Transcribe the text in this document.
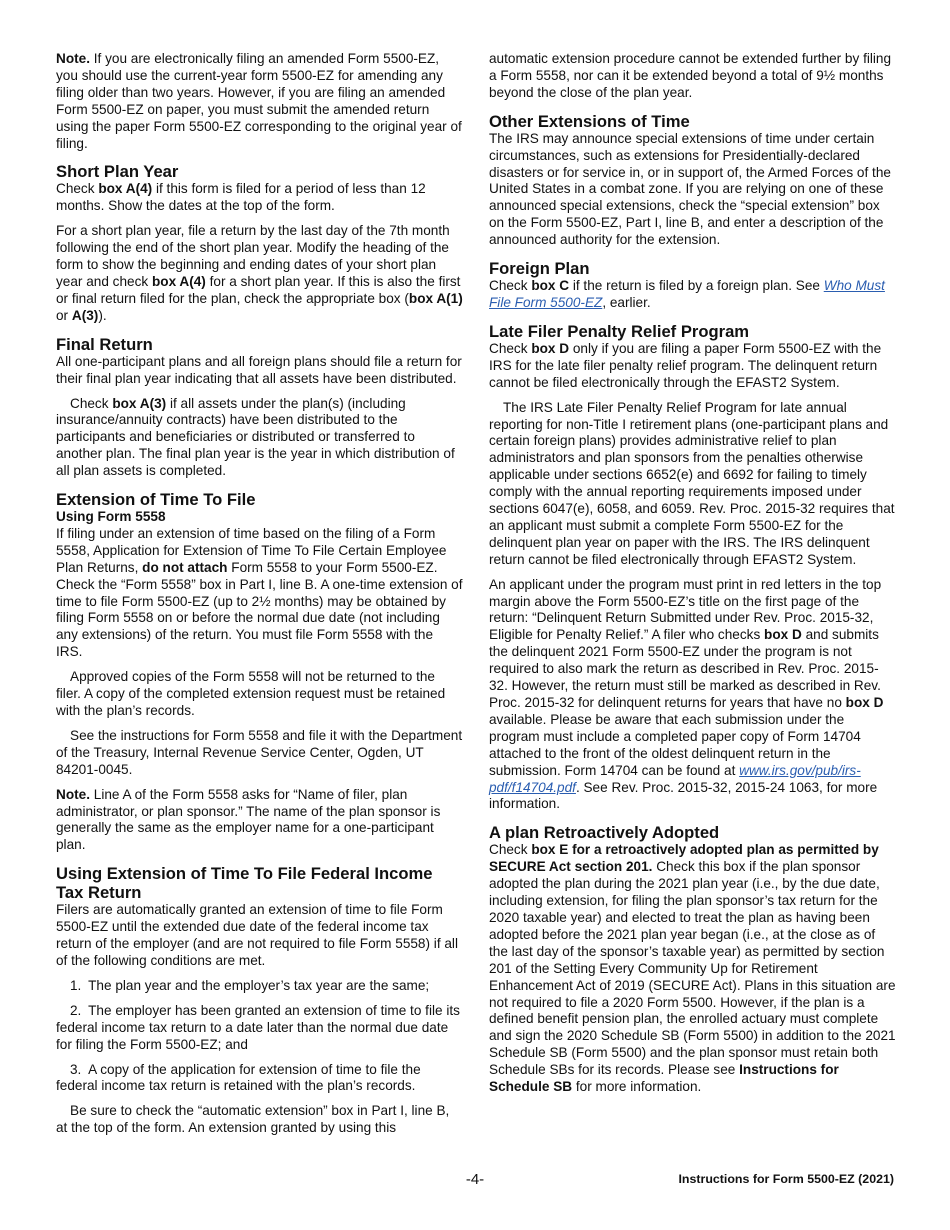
Note. If you are electronically filing an amended Form 5500-EZ, you should use the current-year form 5500-EZ for amending any filing older than two years. However, if you are filing an amended Form 5500-EZ on paper, you must submit the amended return using the paper Form 5500-EZ corresponding to the original year of filing.

Short Plan Year

Check box A(4) if this form is filed for a period of less than 12 months. Show the dates at the top of the form.

For a short plan year, file a return by the last day of the 7th month following the end of the short plan year. Modify the heading of the form to show the beginning and ending dates of your short plan year and check box A(4) for a short plan year. If this is also the first or final return filed for the plan, check the appropriate box (box A(1) or A(3)).

Final Return

All one-participant plans and all foreign plans should file a return for their final plan year indicating that all assets have been distributed.

Check box A(3) if all assets under the plan(s) (including insurance/annuity contracts) have been distributed to the participants and beneficiaries or distributed or transferred to another plan. The final plan year is the year in which distribution of all plan assets is completed.

Extension of Time To File
Using Form 5558

If filing under an extension of time based on the filing of a Form 5558, Application for Extension of Time To File Certain Employee Plan Returns, do not attach Form 5558 to your Form 5500-EZ. Check the “Form 5558” box in Part I, line B. A one-time extension of time to file Form 5500-EZ (up to 2½ months) may be obtained by filing Form 5558 on or before the normal due date (not including any extensions) of the return. You must file Form 5558 with the IRS.

Approved copies of the Form 5558 will not be returned to the filer. A copy of the completed extension request must be retained with the plan’s records.

See the instructions for Form 5558 and file it with the Department of the Treasury, Internal Revenue Service Center, Ogden, UT 84201-0045.

Note. Line A of the Form 5558 asks for “Name of filer, plan administrator, or plan sponsor.” The name of the plan sponsor is generally the same as the employer name for a one-participant plan.

Using Extension of Time To File Federal Income Tax Return

Filers are automatically granted an extension of time to file Form 5500-EZ until the extended due date of the federal income tax return of the employer (and are not required to file Form 5558) if all of the following conditions are met.

1. The plan year and the employer’s tax year are the same;

2. The employer has been granted an extension of time to file its federal income tax return to a date later than the normal due date for filing the Form 5500-EZ; and

3. A copy of the application for extension of time to file the federal income tax return is retained with the plan’s records.

Be sure to check the “automatic extension” box in Part I, line B, at the top of the form. An extension granted by using this

automatic extension procedure cannot be extended further by filing a Form 5558, nor can it be extended beyond a total of 9½ months beyond the close of the plan year.

Other Extensions of Time

The IRS may announce special extensions of time under certain circumstances, such as extensions for Presidentially-declared disasters or for service in, or in support of, the Armed Forces of the United States in a combat zone. If you are relying on one of these announced special extensions, check the “special extension” box on the Form 5500-EZ, Part I, line B, and enter a description of the announced authority for the extension.

Foreign Plan

Check box C if the return is filed by a foreign plan. See Who Must File Form 5500-EZ, earlier.

Late Filer Penalty Relief Program

Check box D only if you are filing a paper Form 5500-EZ with the IRS for the late filer penalty relief program. The delinquent return cannot be filed electronically through the EFAST2 System.

The IRS Late Filer Penalty Relief Program for late annual reporting for non-Title I retirement plans (one-participant plans and certain foreign plans) provides administrative relief to plan administrators and plan sponsors from the penalties otherwise applicable under sections 6652(e) and 6692 for failing to timely comply with the annual reporting requirements imposed under sections 6047(e), 6058, and 6059. Rev. Proc. 2015-32 requires that an applicant must submit a complete Form 5500-EZ for the delinquent plan year on paper with the IRS. The IRS delinquent return cannot be filed electronically through EFAST2 System.

An applicant under the program must print in red letters in the top margin above the Form 5500-EZ’s title on the first page of the return: “Delinquent Return Submitted under Rev. Proc. 2015-32, Eligible for Penalty Relief.” A filer who checks box D and submits the delinquent 2021 Form 5500-EZ under the program is not required to also mark the return as described in Rev. Proc. 2015-32. However, the return must still be marked as described in Rev. Proc. 2015-32 for delinquent returns for years that have no box D available. Please be aware that each submission under the program must include a completed paper copy of Form 14704 attached to the front of the oldest delinquent return in the submission. Form 14704 can be found at www.irs.gov/pub/irs-pdf/f14704.pdf. See Rev. Proc. 2015-32, 2015-24 1063, for more information.

A plan Retroactively Adopted

Check box E for a retroactively adopted plan as permitted by SECURE Act section 201. Check this box if the plan sponsor adopted the plan during the 2021 plan year (i.e., by the due date, including extension, for filing the plan sponsor’s tax return for the 2020 taxable year) and elected to treat the plan as having been adopted before the 2021 plan year began (i.e., at the close as of the last day of the sponsor’s taxable year) as permitted by section 201 of the Setting Every Community Up for Retirement Enhancement Act of 2019 (SECURE Act). Plans in this situation are not required to file a 2020 Form 5500. However, if the plan is a defined benefit pension plan, the enrolled actuary must complete and sign the 2020 Schedule SB (Form 5500) in addition to the 2021 Schedule SB (Form 5500) and the plan sponsor must retain both Schedule SBs for its records. Please see Instructions for Schedule SB for more information.

-4-	Instructions for Form 5500-EZ (2021)
